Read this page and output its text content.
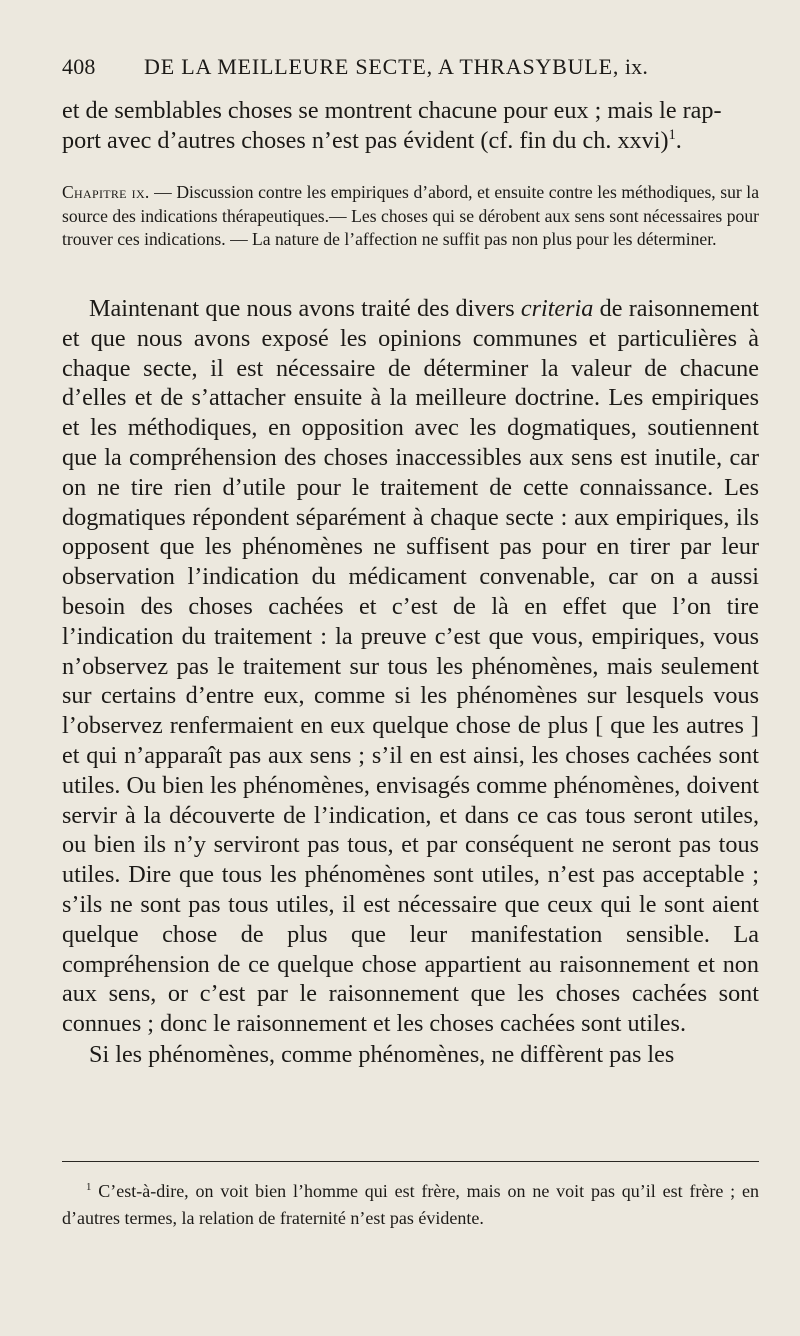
408 DE LA MEILLEURE SECTE, A THRASYBULE, ix.
et de semblables choses se montrent chacune pour eux ; mais le rap-
port avec d’autres choses n’est pas évident (cf. fin du ch. xxvi)$^1$.
Chapitre ix. — Discussion contre les empiriques d’abord, et ensuite contre les méthodiques, sur la source des indications thérapeutiques.— Les choses qui se dérobent aux sens sont nécessaires pour trouver ces indications. — La nature de l’affection ne suffit pas non plus pour les déterminer.

Maintenant que nous avons traité des divers criteria de raisonnement et que nous avons exposé les opinions communes et particulières à chaque secte, il est nécessaire de déterminer la valeur de chacune d’elles et de s’attacher ensuite à la meilleure doctrine. Les empiriques et les méthodiques, en opposition avec les dogmatiques, soutiennent que la compréhension des choses inaccessibles aux sens est inutile, car on ne tire rien d’utile pour le traitement de cette connaissance. Les dogmatiques répondent séparément à chaque secte : aux empiriques, ils opposent que les phénomènes ne suffisent pas pour en tirer par leur observation l’indication du médicament convenable, car on a aussi besoin des choses cachées et c’est de là en effet que l’on tire l’indication du traitement : la preuve c’est que vous, empiriques, vous n’observez pas le traitement sur tous les phénomènes, mais seulement sur certains d’entre eux, comme si les phénomènes sur lesquels vous l’observez renfermaient en eux quelque chose de plus [ que les autres ] et qui n’apparaît pas aux sens ; s’il en est ainsi, les choses cachées sont utiles. Ou bien les phénomènes, envisagés comme phénomènes, doivent servir à la découverte de l’indication, et dans ce cas tous seront utiles, ou bien ils n’y serviront pas tous, et par conséquent ne seront pas tous utiles. Dire que tous les phénomènes sont utiles, n’est pas acceptable ; s’ils ne sont pas tous utiles, il est nécessaire que ceux qui le sont aient quelque chose de plus que leur manifestation sensible. La compréhension de ce quelque chose appartient au raisonnement et non aux sens, or c’est par le raisonnement que les choses cachées sont connues ; donc le raisonnement et les choses cachées sont utiles.

Si les phénomènes, comme phénomènes, ne diffèrent pas les

$^1$ C’est-à-dire, on voit bien l’homme qui est frère, mais on ne voit pas qu’il est frère ; en d’autres termes, la relation de fraternité n’est pas évidente.
